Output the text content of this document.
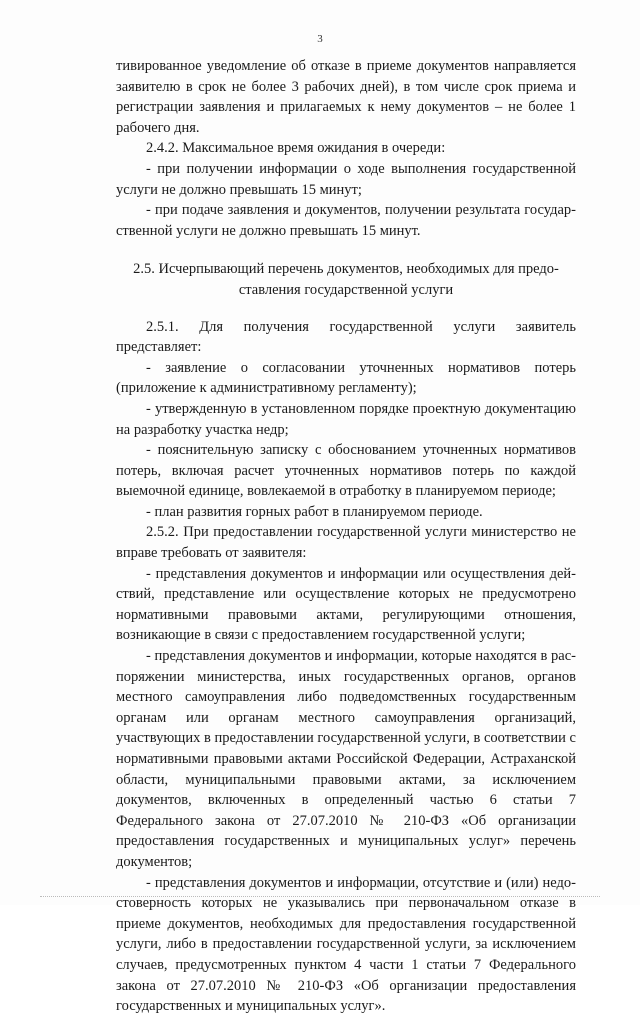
3

тивированное уведомление об отказе в приеме документов направляется заявителю в срок не более 3 рабочих дней), в том числе срок приема и регистрации заявления и прилагаемых к нему документов – не более 1 рабочего дня.

2.4.2. Максимальное время ожидания в очереди:

- при получении информации о ходе выполнения государственной услуги не должно превышать 15 минут;

- при подаче заявления и документов, получении результата государственной услуги не должно превышать 15 минут.

2.5. Исчерпывающий перечень документов, необходимых для предоставления государственной услуги

2.5.1. Для получения государственной услуги заявитель представляет:

- заявление о согласовании уточненных нормативов потерь (приложение к административному регламенту);

- утвержденную в установленном порядке проектную документацию на разработку участка недр;

- пояснительную записку с обоснованием уточненных нормативов потерь, включая расчет уточненных нормативов потерь по каждой выемочной единице, вовлекаемой в отработку в планируемом периоде;

- план развития горных работ в планируемом периоде.

2.5.2. При предоставлении государственной услуги министерство не вправе требовать от заявителя:

- представления документов и информации или осуществления действий, представление или осуществление которых не предусмотрено нормативными правовыми актами, регулирующими отношения, возникающие в связи с предоставлением государственной услуги;

- представления документов и информации, которые находятся в распоряжении министерства, иных государственных органов, органов местного самоуправления либо подведомственных государственным органам или органам местного самоуправления организаций, участвующих в предоставлении государственной услуги, в соответствии с нормативными правовыми актами Российской Федерации, Астраханской области, муниципальными правовыми актами, за исключением документов, включенных в определенный частью 6 статьи 7 Федерального закона от 27.07.2010 № 210-ФЗ «Об организации предоставления государственных и муниципальных услуг» перечень документов;

- представления документов и информации, отсутствие и (или) недостоверность которых не указывались при первоначальном отказе в приеме документов, необходимых для предоставления государственной услуги, либо в предоставлении государственной услуги, за исключением случаев, предусмотренных пунктом 4 части 1 статьи 7 Федерального закона от 27.07.2010 № 210-ФЗ «Об организации предоставления государственных и муниципальных услуг».
